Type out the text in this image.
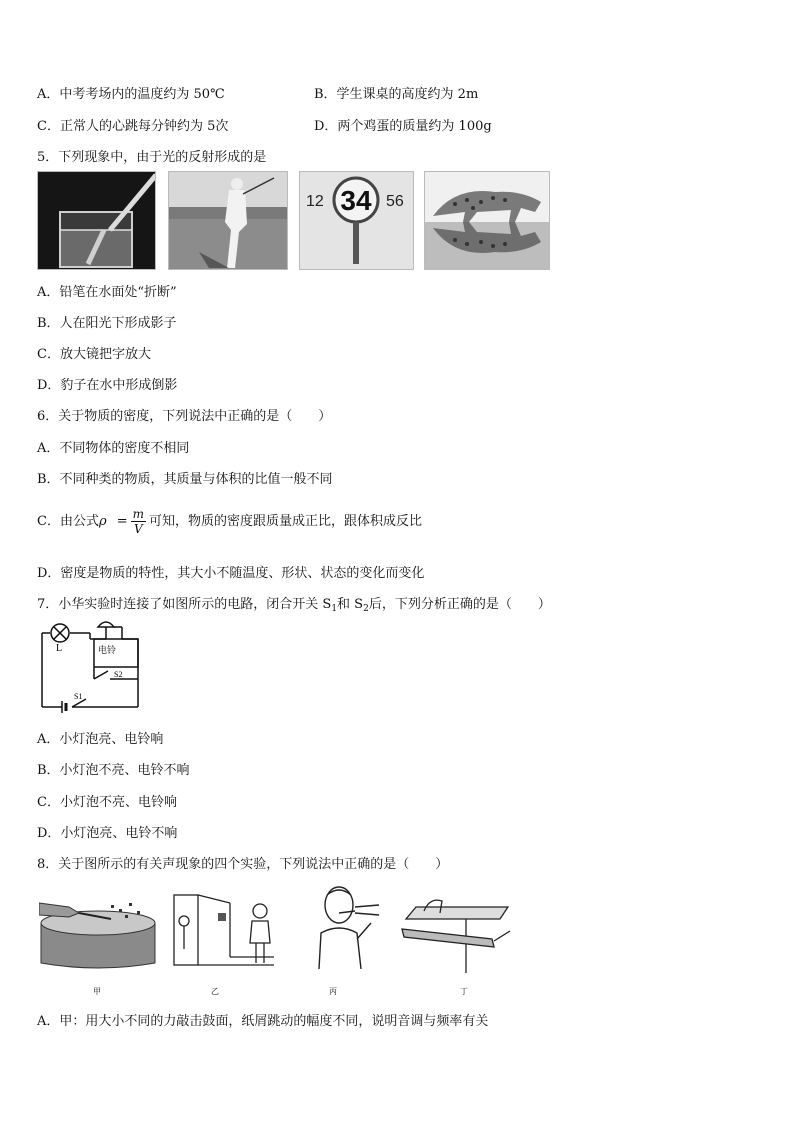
A．中考考场内的温度约为 50℃	B．学生课桌的高度约为 2m
C．正常人的心跳每分钟约为 5次	D．两个鸡蛋的质量约为 100g
5．下列现象中，由于光的反射形成的是
12 34 56
A．铅笔在水面处“折断”
B．人在阳光下形成影子
C．放大镜把字放大
D．豹子在水中形成倒影
6．关于物质的密度，下列说法中正确的是（　　）
A．不同物体的密度不相同
B．不同种类的物质，其质量与体积的比值一般不同
C．由公式$\rho = \frac{m}{V}$ 可知，物质的密度跟质量成正比，跟体积成反比
D．密度是物质的特性，其大小不随温度、形状、状态的变化而变化
7．小华实验时连接了如图所示的电路，闭合开关 $S_1$和 $S_2$后，下列分析正确的是（　　）
L	电铃
S2
S1
A．小灯泡亮、电铃响
B．小灯泡不亮、电铃不响
C．小灯泡不亮、电铃响
D．小灯泡亮、电铃不响
8．关于图所示的有关声现象的四个实验，下列说法中正确的是（　　）
甲	乙	丙	丁
A．甲：用大小不同的力敲击鼓面，纸屑跳动的幅度不同，说明音调与频率有关
